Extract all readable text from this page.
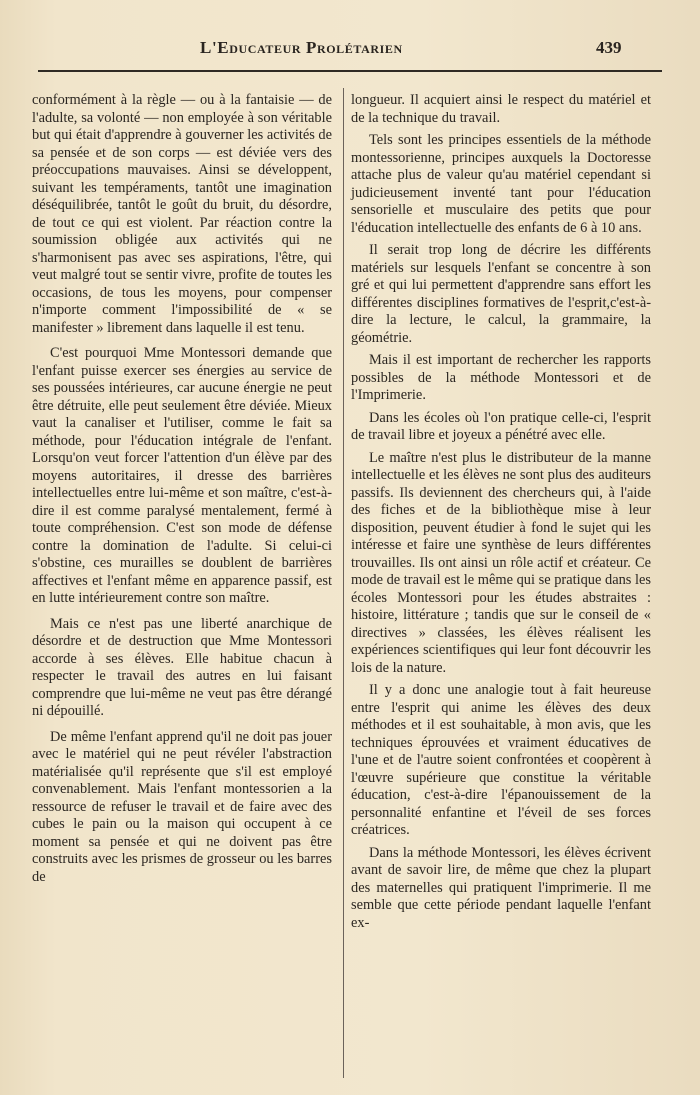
L'Educateur Prolétarien	439

conformément à la règle — ou à la fantaisie — de l'adulte, sa volonté — non employée à son véritable but qui était d'apprendre à gouverner les activités de sa pensée et de son corps — est déviée vers des préoccupations mauvaises. Ainsi se développent, suivant les tempéraments, tantôt une imagination déséquilibrée, tantôt le goût du bruit, du désordre, de tout ce qui est violent. Par réaction contre la soumission obligée aux activités qui ne s'harmonisent pas avec ses aspirations, l'être, qui veut malgré tout se sentir vivre, profite de toutes les occasions, de tous les moyens, pour compenser n'importe comment l'impossibilité de « se manifester » librement dans laquelle il est tenu.

C'est pourquoi Mme Montessori demande que l'enfant puisse exercer ses énergies au service de ses poussées intérieures, car aucune énergie ne peut être détruite, elle peut seulement être déviée. Mieux vaut la canaliser et l'utiliser, comme le fait sa méthode, pour l'éducation intégrale de l'enfant. Lorsqu'on veut forcer l'attention d'un élève par des moyens autoritaires, il dresse des barrières intellectuelles entre lui-même et son maître, c'est-à-dire il est comme paralysé mentalement, fermé à toute compréhension. C'est son mode de défense contre la domination de l'adulte. Si celui-ci s'obstine, ces murailles se doublent de barrières affectives et l'enfant même en apparence passif, est en lutte intérieurement contre son maître.

Mais ce n'est pas une liberté anarchique de désordre et de destruction que Mme Montessori accorde à ses élèves. Elle habitue chacun à respecter le travail des autres en lui faisant comprendre que lui-même ne veut pas être dérangé ni dépouillé.

De même l'enfant apprend qu'il ne doit pas jouer avec le matériel qui ne peut révéler l'abstraction matérialisée qu'il représente que s'il est employé convenablement. Mais l'enfant montessorien a la ressource de refuser le travail et de faire avec des cubes le pain ou la maison qui occupent à ce moment sa pensée et qui ne doivent pas être construits avec les prismes de grosseur ou les barres de

longueur. Il acquiert ainsi le respect du matériel et de la technique du travail.

Tels sont les principes essentiels de la méthode montessorienne, principes auxquels la Doctoresse attache plus de valeur qu'au matériel cependant si judicieusement inventé tant pour l'éducation sensorielle et musculaire des petits que pour l'éducation intellectuelle des enfants de 6 à 10 ans.

Il serait trop long de décrire les différents matériels sur lesquels l'enfant se concentre à son gré et qui lui permettent d'apprendre sans effort les différentes disciplines formatives de l'esprit,c'est-à-dire la lecture, le calcul, la grammaire, la géométrie.

Mais il est important de rechercher les rapports possibles de la méthode Montessori et de l'Imprimerie.

Dans les écoles où l'on pratique celle-ci, l'esprit de travail libre et joyeux a pénétré avec elle.

Le maître n'est plus le distributeur de la manne intellectuelle et les élèves ne sont plus des auditeurs passifs. Ils deviennent des chercheurs qui, à l'aide des fiches et de la bibliothèque mise à leur disposition, peuvent étudier à fond le sujet qui les intéresse et faire une synthèse de leurs différentes trouvailles. Ils ont ainsi un rôle actif et créateur. Ce mode de travail est le même qui se pratique dans les écoles Montessori pour les études abstraites : histoire, littérature ; tandis que sur le conseil de « directives » classées, les élèves réalisent les expériences scientifiques qui leur font découvrir les lois de la nature.

Il y a donc une analogie tout à fait heureuse entre l'esprit qui anime les élèves des deux méthodes et il est souhaitable, à mon avis, que les techniques éprouvées et vraiment éducatives de l'une et de l'autre soient confrontées et coopèrent à l'œuvre supérieure que constitue la véritable éducation, c'est-à-dire l'épanouissement de la personnalité enfantine et l'éveil de ses forces créatrices.

Dans la méthode Montessori, les élèves écrivent avant de savoir lire, de même que chez la plupart des maternelles qui pratiquent l'imprimerie. Il me semble que cette période pendant laquelle l'enfant ex-
